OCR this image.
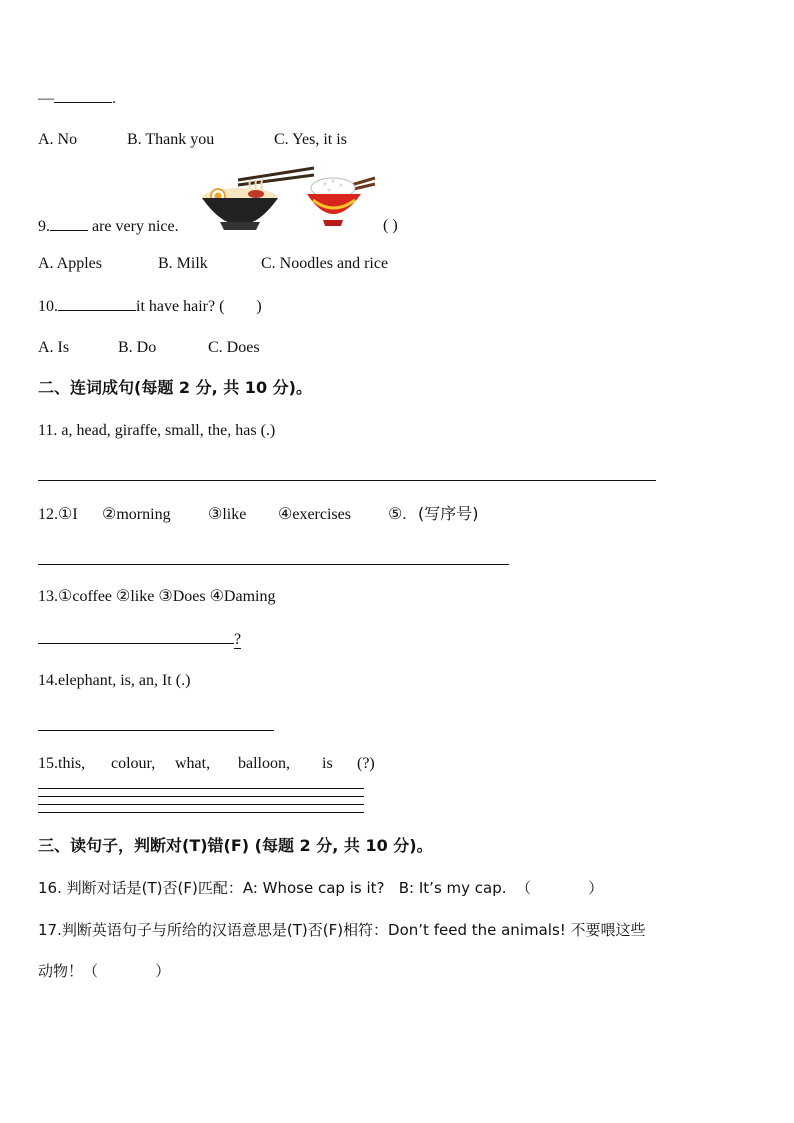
—	.
A. No	B. Thank you	C. Yes, it is
9.	are very nice.	( )
A. Apples	B. Milk	C. Noodles and rice
10.	it have hair? (        )
A. Is	B. Do	C. Does
二、连词成句(每题 2 分, 共 10 分)。
11. a, head, giraffe, small, the, has (.)
12.①I ②morning ③like ④exercises ⑤. (写序号)
13.①coffee ②like ③Does ④Daming
?
14.elephant, is, an, It (.)
15.this, colour, what, balloon, is (?)
三、读句子，判断对(T)错(F) (每题 2 分, 共 10 分)。
16. 判断对话是(T)否(F)匹配：A: Whose cap is it?   B: It’s my cap.  （            ）
17.判断英语句子与所给的汉语意思是(T)否(F)相符：Don’t feed the animals! 不要喂这些
动物！（            ）
